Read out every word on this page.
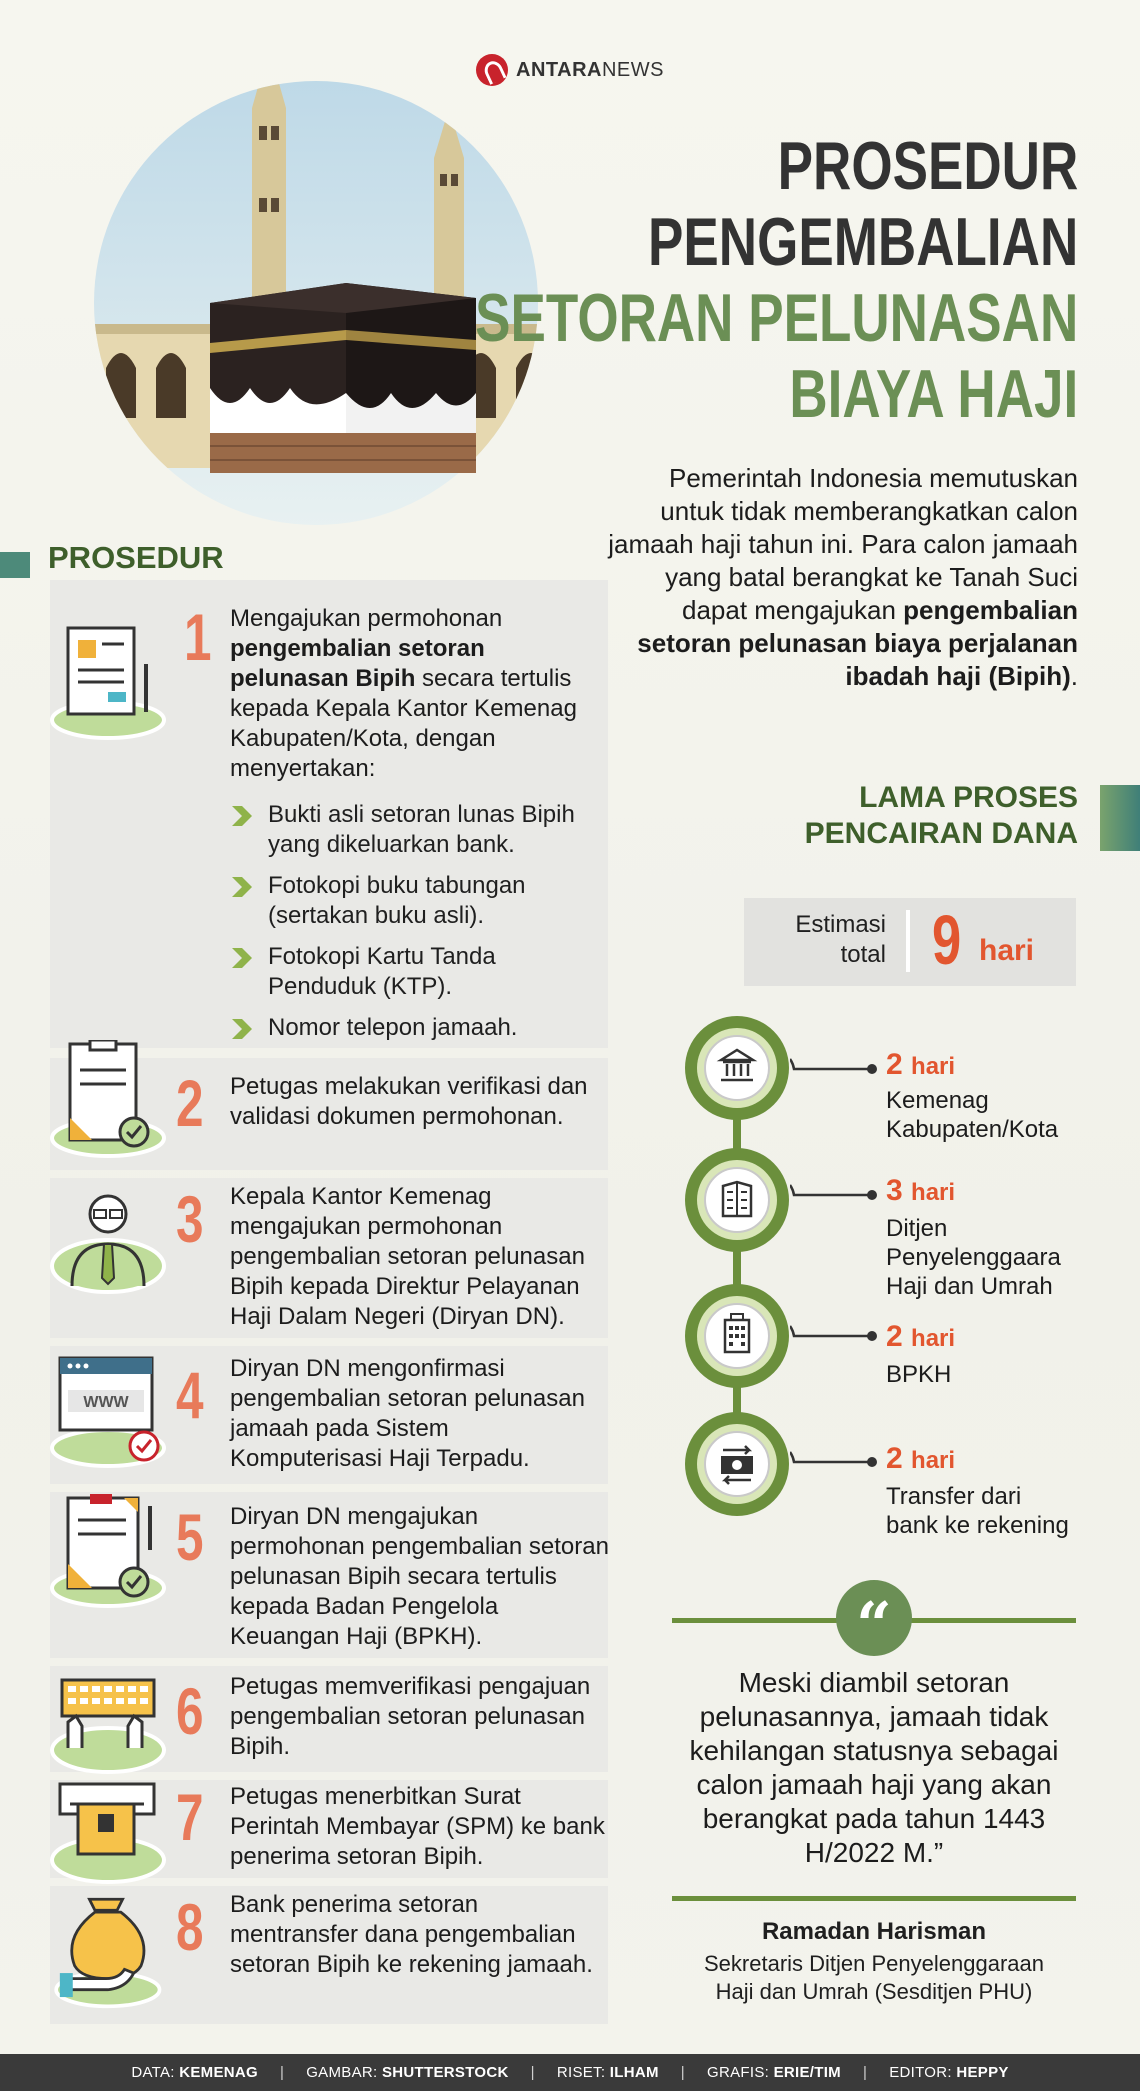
ANTARANEWS
PROSEDUR
PENGEMBALIAN
SETORAN PELUNASAN
BIAYA HAJI
Pemerintah Indonesia memutuskan untuk tidak memberangkatkan calon jamaah haji tahun ini. Para calon jamaah yang batal berangkat ke Tanah Suci dapat mengajukan pengembalian setoran pelunasan biaya perjalanan ibadah haji (Bipih).
PROSEDUR
1 Mengajukan permohonan pengembalian setoran pelunasan Bipih secara tertulis kepada Kepala Kantor Kemenag Kabupaten/Kota, dengan menyertakan:
Bukti asli setoran lunas Bipih yang dikeluarkan bank.
Fotokopi buku tabungan (sertakan buku asli).
Fotokopi Kartu Tanda Penduduk (KTP).
Nomor telepon jamaah.
2 Petugas melakukan verifikasi dan validasi dokumen permohonan.
3 Kepala Kantor Kemenag mengajukan permohonan pengembalian setoran pelunasan Bipih kepada Direktur Pelayanan Haji Dalam Negeri (Diryan DN).
WWW 4 Diryan DN mengonfirmasi pengembalian setoran pelunasan jamaah pada Sistem Komputerisasi Haji Terpadu.
5 Diryan DN mengajukan permohonan pengembalian setoran pelunasan Bipih secara tertulis kepada Badan Pengelola Keuangan Haji (BPKH).
6 Petugas memverifikasi pengajuan pengembalian setoran pelunasan Bipih.
7 Petugas menerbitkan Surat Perintah Membayar (SPM) ke bank penerima setoran Bipih.
8 Bank penerima setoran mentransfer dana pengembalian setoran Bipih ke rekening jamaah.
LAMA PROSES
PENCAIRAN DANA
Estimasi
total 9 hari
2 hari
Kemenag
Kabupaten/Kota
3 hari
Ditjen
Penyelenggaara
Haji dan Umrah
2 hari
BPKH
2 hari
Transfer dari
bank ke rekening
“
Meski diambil setoran pelunasannya, jamaah tidak kehilangan statusnya sebagai calon jamaah haji yang akan berangkat pada tahun 1443 H/2022 M.”
Ramadan Harisman
Sekretaris Ditjen Penyelenggaraan
Haji dan Umrah (Sesditjen PHU)
DATA: KEMENAG | GAMBAR: SHUTTERSTOCK | RISET: ILHAM | GRAFIS: ERIE/TIM | EDITOR: HEPPY
